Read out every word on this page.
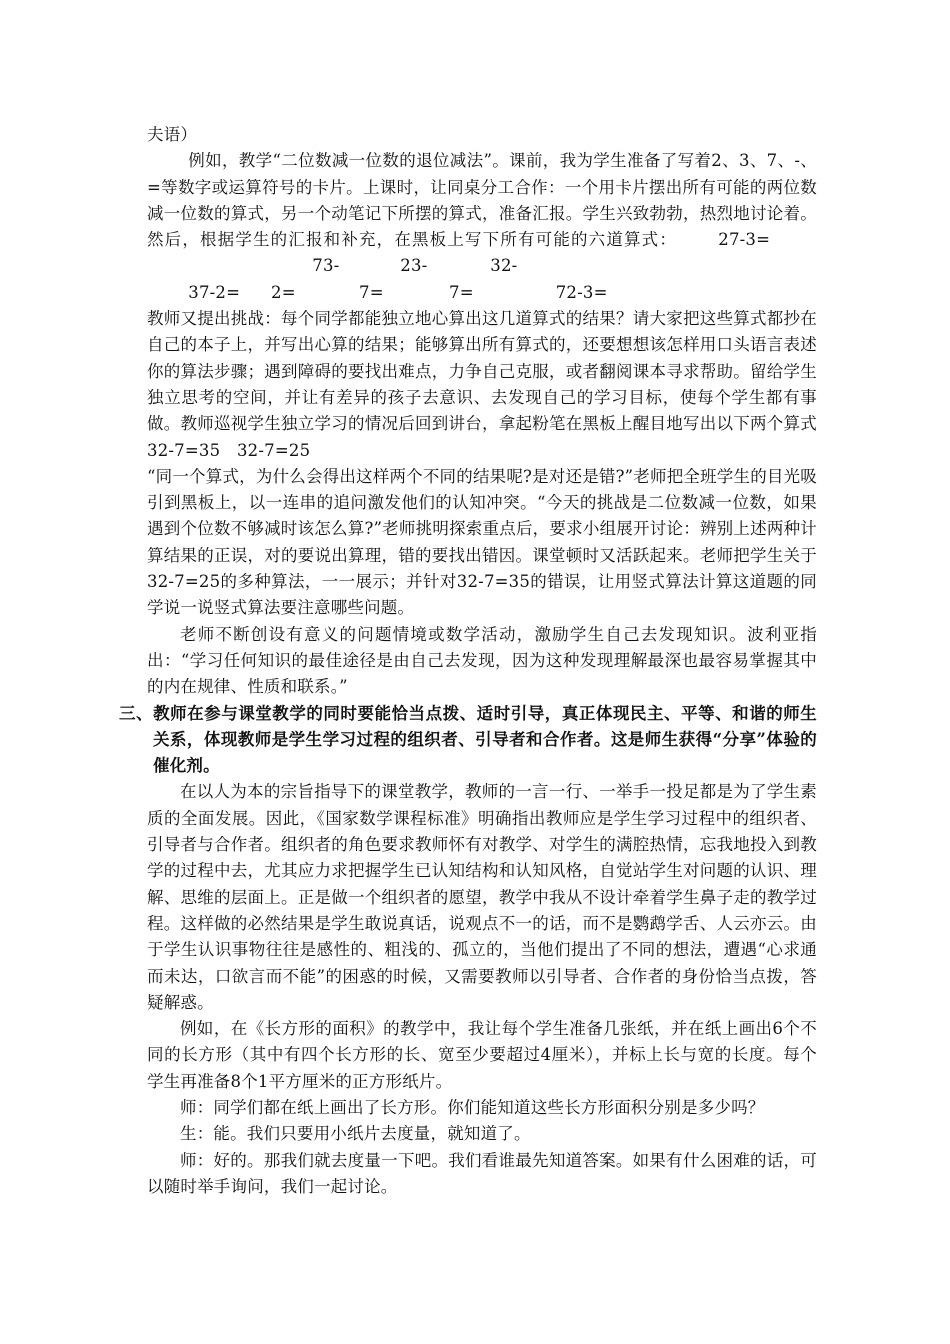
夫语）

例如，教学“二位数减一位数的退位减法”。课前，我为学生准备了写着2、3、7、-、=等数字或运算符号的卡片。上课时，让同桌分工合作：一个用卡片摆出所有可能的两位数减一位数的算式，另一个动笔记下所摆的算式，准备汇报。学生兴致勃勃，热烈地讨论着。然后，根据学生的汇报和补充，在黑板上写下所有可能的六道算式：	27-3=37-2=73-2=23-7=32-7=	72-3=

教师又提出挑战：每个同学都能独立地心算出这几道算式的结果？请大家把这些算式都抄在自己的本子上，并写出心算的结果；能够算出所有算式的，还要想想该怎样用口头语言表述你的算法步骤；遇到障碍的要找出难点，力争自己克服，或者翻阅课本寻求帮助。留给学生独立思考的空间，并让有差异的孩子去意识、去发现自己的学习目标，使每个学生都有事做。教师巡视学生独立学习的情况后回到讲台，拿起粉笔在黑板上醒目地写出以下两个算式32-7=35　32-7=25

“同一个算式，为什么会得出这样两个不同的结果呢?是对还是错?”老师把全班学生的目光吸引到黑板上，以一连串的追问激发他们的认知冲突。“今天的挑战是二位数减一位数，如果遇到个位数不够减时该怎么算?”老师挑明探索重点后，要求小组展开讨论：辨别上述两种计算结果的正误，对的要说出算理，错的要找出错因。课堂顿时又活跃起来。老师把学生关于32-7=25的多种算法，一一展示；并针对32-7=35的错误，让用竖式算法计算这道题的同学说一说竖式算法要注意哪些问题。

老师不断创设有意义的问题情境或数学活动，激励学生自己去发现知识。波利亚指出：“学习任何知识的最佳途径是由自己去发现，因为这种发现理解最深也最容易掌握其中的内在规律、性质和联系。”

三、教师在参与课堂教学的同时要能恰当点拨、适时引导，真正体现民主、平等、和谐的师生关系，体现教师是学生学习过程的组织者、引导者和合作者。这是师生获得“分享”体验的催化剂。

在以人为本的宗旨指导下的课堂教学，教师的一言一行、一举手一投足都是为了学生素质的全面发展。因此，《国家数学课程标准》明确指出教师应是学生学习过程中的组织者、引导者与合作者。组织者的角色要求教师怀有对教学、对学生的满腔热情，忘我地投入到教学的过程中去，尤其应力求把握学生已认知结构和认知风格，自觉站学生对问题的认识、理解、思维的层面上。正是做一个组织者的愿望，教学中我从不设计牵着学生鼻子走的教学过程。这样做的必然结果是学生敢说真话，说观点不一的话，而不是鹦鹉学舌、人云亦云。由于学生认识事物往往是感性的、粗浅的、孤立的，当他们提出了不同的想法，遭遇“心求通而未达，口欲言而不能”的困惑的时候，又需要教师以引导者、合作者的身份恰当点拨，答疑解惑。

例如，在《长方形的面积》的教学中，我让每个学生准备几张纸，并在纸上画出6个不同的长方形（其中有四个长方形的长、宽至少要超过4厘米），并标上长与宽的长度。每个学生再准备8个1平方厘米的正方形纸片。

师：同学们都在纸上画出了长方形。你们能知道这些长方形面积分别是多少吗？

生：能。我们只要用小纸片去度量，就知道了。

师：好的。那我们就去度量一下吧。我们看谁最先知道答案。如果有什么困难的话，可以随时举手询问，我们一起讨论。
